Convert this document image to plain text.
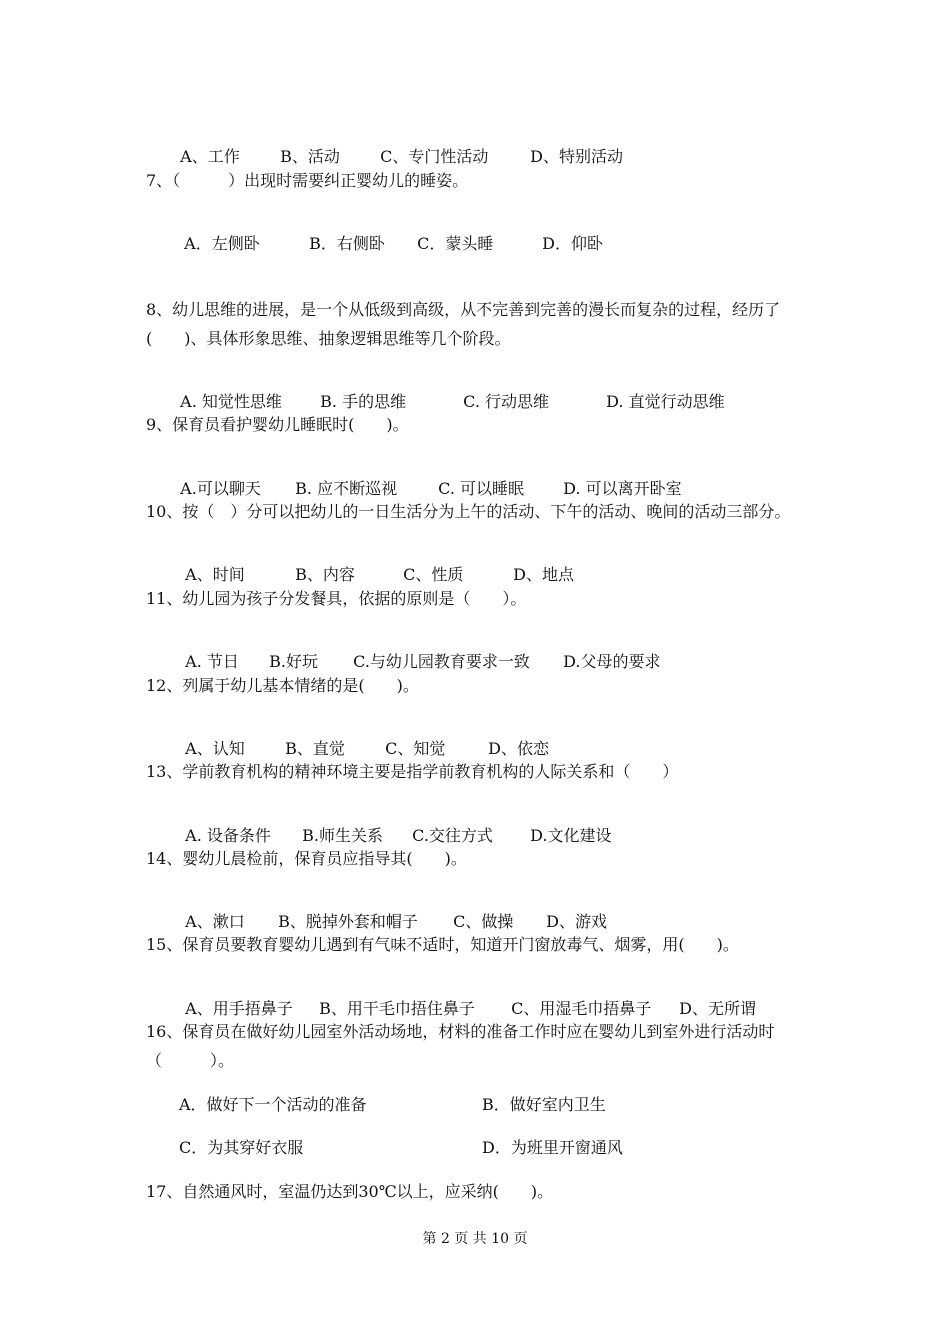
A、工作	B、活动	C、专门性活动	D、特别活动

7、（　　　）出现时需要纠正婴幼儿的睡姿。

A．左侧卧	B．右侧卧 C．蒙头睡	D．仰卧

8、幼儿思维的进展，是一个从低级到高级，从不完善到完善的漫长而复杂的过程，经历了
(　　)、具体形象思维、抽象逻辑思维等几个阶段。

A. 知觉性思维 B. 手的思维	C. 行动思维	D. 直觉行动思维

9、保育员看护婴幼儿睡眠时(　　)。

A.可以聊天 B. 应不断巡视	C. 可以睡眠 D. 可以离开卧室

10、按（　）分可以把幼儿的一日生活分为上午的活动、下午的活动、晚间的活动三部分。

A、时间	B、内容	C、性质	D、地点

11、幼儿园为孩子分发餐具，依据的原则是（　　）。

A. 节日 B.好玩 C.与幼儿园教育要求一致 D.父母的要求

12、列属于幼儿基本情绪的是(　　)。

A、认知	B、直觉	C、知觉	D、依恋

13、学前教育机构的精神环境主要是指学前教育机构的人际关系和（　　）

A. 设备条件 B.师生关系 C.交往方式 D.文化建设

14、婴幼儿晨检前，保育员应指导其(　　)。

A、漱口 B、脱掉外套和帽子 C、做操 D、游戏

15、保育员要教育婴幼儿遇到有气味不适时，知道开门窗放毒气、烟雾，用(　　)。

A、用手捂鼻子 B、用干毛巾捂住鼻子 C、用湿毛巾捂鼻子 D、无所谓

16、保育员在做好幼儿园室外活动场地，材料的准备工作时应在婴幼儿到室外进行活动时
（　　　）。
A．做好下一个活动的准备	B．做好室内卫生
C．为其穿好衣服	D．为班里开窗通风
17、自然通风时，室温仍达到30℃以上，应采纳(　　)。
第 2 页 共 10 页
